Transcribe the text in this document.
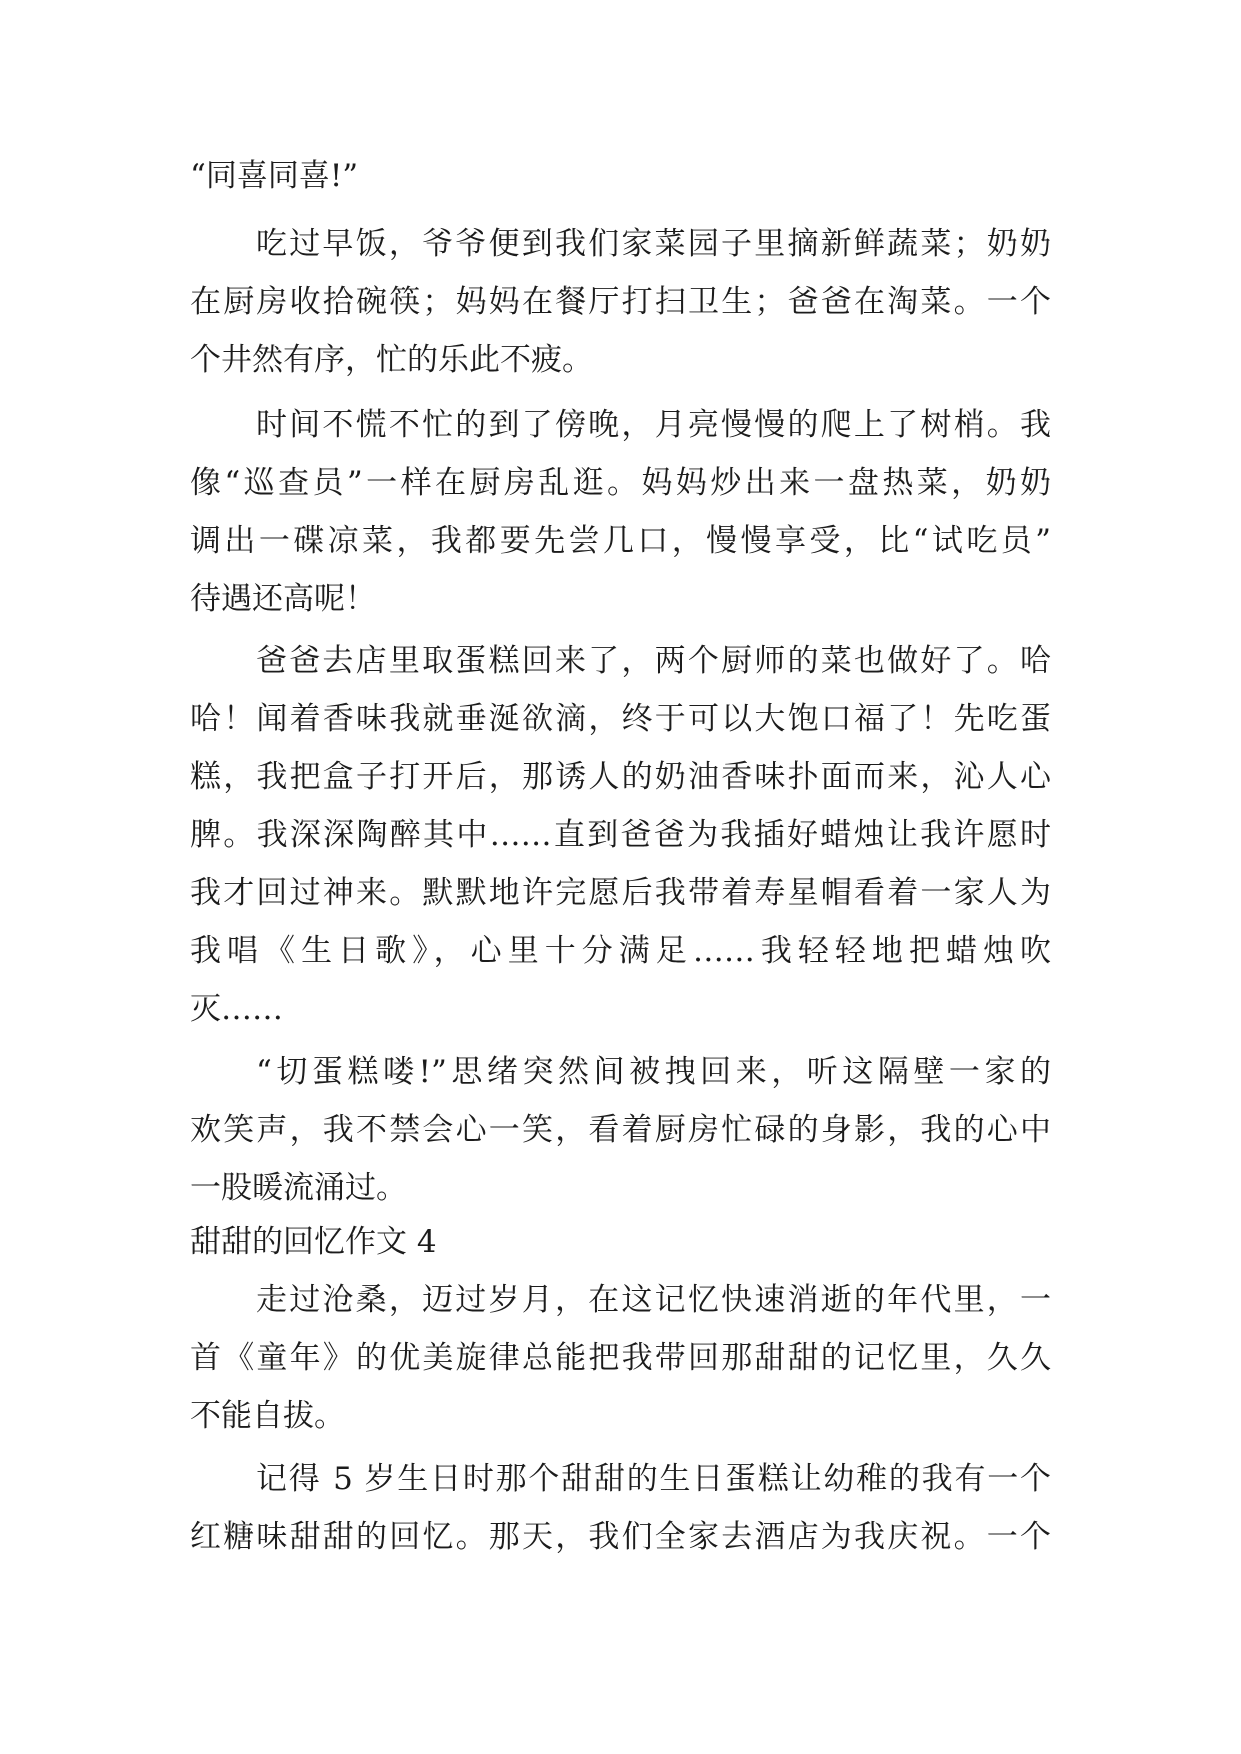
“同喜同喜!”
吃过早饭，爷爷便到我们家菜园子里摘新鲜蔬菜；奶奶
在厨房收拾碗筷；妈妈在餐厅打扫卫生；爸爸在淘菜。一个
个井然有序，忙的乐此不疲。
时间不慌不忙的到了傍晚，月亮慢慢的爬上了树梢。我
像“巡查员”一样在厨房乱逛。妈妈炒出来一盘热菜，奶奶
调出一碟凉菜，我都要先尝几口，慢慢享受，比“试吃员”
待遇还高呢！
爸爸去店里取蛋糕回来了，两个厨师的菜也做好了。哈
哈！闻着香味我就垂涎欲滴，终于可以大饱口福了！先吃蛋
糕，我把盒子打开后，那诱人的奶油香味扑面而来，沁人心
脾。我深深陶醉其中……直到爸爸为我插好蜡烛让我许愿时
我才回过神来。默默地许完愿后我带着寿星帽看着一家人为
我唱《生日歌》，心里十分满足……我轻轻地把蜡烛吹
灭……
“切蛋糕喽!”思绪突然间被拽回来，听这隔壁一家的
欢笑声，我不禁会心一笑，看着厨房忙碌的身影，我的心中
一股暖流涌过。
甜甜的回忆作文 4
走过沧桑，迈过岁月，在这记忆快速消逝的年代里，一
首《童年》的优美旋律总能把我带回那甜甜的记忆里，久久
不能自拔。
记得 5 岁生日时那个甜甜的生日蛋糕让幼稚的我有一个
红糖味甜甜的回忆。那天，我们全家去酒店为我庆祝。一个
